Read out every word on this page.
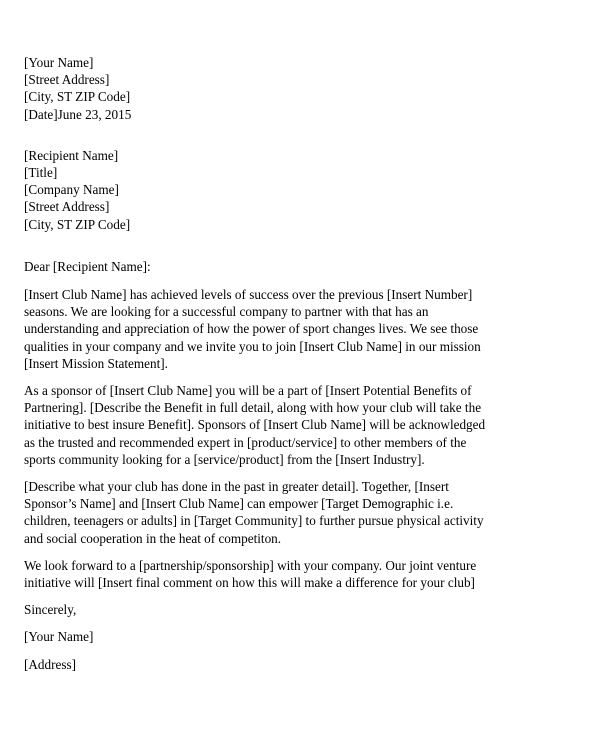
[Your Name]
[Street Address]
[City, ST ZIP Code]
[Date]June 23, 2015
[Recipient Name]
[Title]
[Company Name]
[Street Address]
[City, ST ZIP Code]
Dear [Recipient Name]:
[Insert Club Name] has achieved levels of success over the previous [Insert Number]
seasons. We are looking for a successful company to partner with that has an
understanding and appreciation of how the power of sport changes lives. We see those
qualities in your company and we invite you to join [Insert Club Name] in our mission
[Insert Mission Statement].
As a sponsor of [Insert Club Name] you will be a part of [Insert Potential Benefits of
Partnering]. [Describe the Benefit in full detail, along with how your club will take the
initiative to best insure Benefit]. Sponsors of [Insert Club Name] will be acknowledged
as the trusted and recommended expert in [product/service] to other members of the
sports community looking for a [service/product] from the [Insert Industry].
[Describe what your club has done in the past in greater detail]. Together, [Insert
Sponsor’s Name] and [Insert Club Name] can empower [Target Demographic i.e.
children, teenagers or adults] in [Target Community] to further pursue physical activity
and social cooperation in the heat of competiton.
We look forward to a [partnership/sponsorship] with your company. Our joint venture
initiative will [Insert final comment on how this will make a difference for your club]
Sincerely,
[Your Name]
[Address]
